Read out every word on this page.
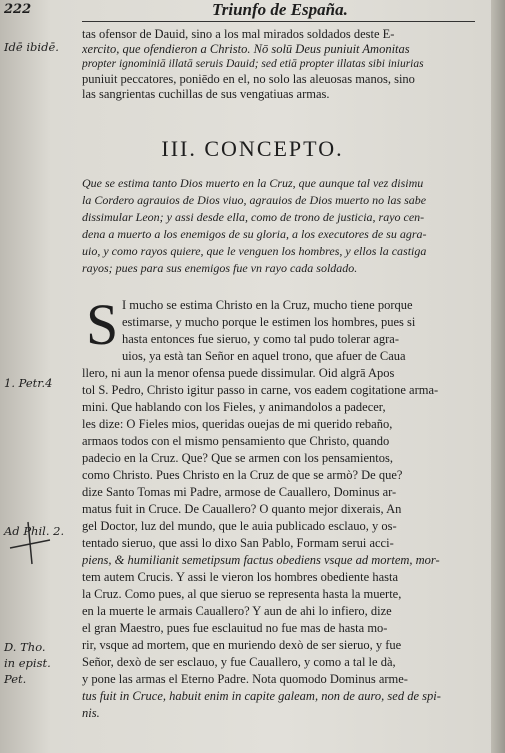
222	Triunfo de España.
Idē ibidē.
tas ofensor de Dauid, sino a los mal mirados soldados deste E-
xercito, que ofendieron a Christo. Nō solū Deus puniuit Amonitas
propter ignominiā illatā seruis Dauid; sed etiā propter illatas sibi iniurias
puniuit peccatores, poniēdo en el, no solo las aleuosas manos, sino
las sangrientas cuchillas de sus vengatiuas armas.
III. CONCEPTO.
Que se estima tanto Dios muerto en la Cruz, que aunque tal vez disimu
la Cordero agrauios de Dios viuo, agrauios de Dios muerto no las sabe
dissimular Leon; y assi desde ella, como de trono de justicia, rayo cen-
dena a muerto a los enemigos de su gloria, a los executores de su agra-
uio, y como rayos quiere, que le venguen los hombres, y ellos la castiga
rayos; pues para sus enemigos fue vn rayo cada soldado.
S I mucho se estima Christo en la Cruz, mucho tiene porque
estimarse, y mucho porque le estimen los hombres, pues si
hasta entonces fue sieruo, y como tal pudo tolerar agra-
uios, ya està tan Señor en aquel trono, que afuer de Caua
llero, ni aun la menor ofensa puede dissimular. Oid algrā Apos
tol S. Pedro, Christo igitur passo in carne, vos eadem cogitatione arma-
mini. Que hablando con los Fieles, y animandolos a padecer,
les dize: O Fieles mios, queridas ouejas de mi querido rebaño,
armaos todos con el mismo pensamiento que Christo, quando
padecio en la Cruz. Que? Que se armen con los pensamientos,
como Christo. Pues Christo en la Cruz de que se armò? De que?
dize Santo Tomas mi Padre, armose de Cauallero, Dominus ar-
matus fuit in Cruce. De Cauallero? O quanto mejor dixerais, An
gel Doctor, luz del mundo, que le auia publicado esclauo, y os-
tentado sieruo, que assi lo dixo San Pablo, Formam serui acci-
piens, & humilianit semetipsum factus obediens vsque ad mortem, mor-
tem autem Crucis. Y assi le vieron los hombres obediente hasta
la Cruz. Como pues, al que sieruo se representa hasta la muerte,
en la muerte le armais Cauallero? Y aun de ahi lo infiero, dize
el gran Maestro, pues fue esclauitud no fue mas de hasta mo-
rir, vsque ad mortem, que en muriendo dexò de ser sieruo, y fue
Señor, dexò de ser esclauo, y fue Cauallero, y como a tal le dà,
y pone las armas el Eterno Padre. Nota quomodo Dominus arme-
tus fuit in Cruce, habuit enim in capite galeam, non de auro, sed de spi-
nis.
1. Petr.4
Ad Phil. 2.
D. Tho.
in epist.
Pet.
